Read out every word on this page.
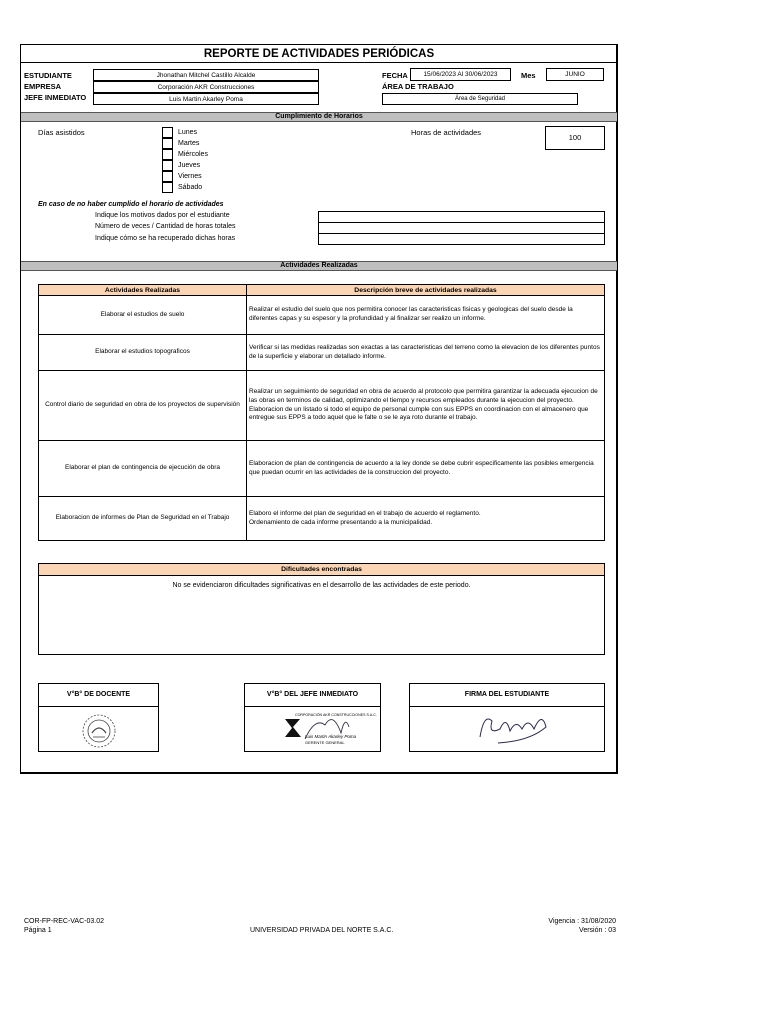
REPORTE DE ACTIVIDADES PERIÓDICAS
ESTUDIANTE	Jhonathan Mitchel Castillo Alcalde
EMPRESA	Corporación AKR Construcciones
JEFE INMEDIATO	Luis Martin Akarley Poma
FECHA	15/06/2023 Al 30/06/2023	Mes	JUNIO
ÁREA DE TRABAJO
Área de Seguridad
Cumplimiento de Horarios
Días asistidos	Lunes
Martes
Miércoles
Jueves
Viernes
Sábado
Horas de actividades
100
En caso de no haber cumplido el horario de actividades
Indique los motivos dados por el estudiante
Número de veces / Cantidad de horas totales
Indique cómo se ha recuperado dichas horas
Actividades Realizadas
Actividades Realizadas	Descripción breve de actividades realizadas
Elaborar el estudios de suelo	Realizar el estudio del suelo que nos permitira conocer las caracteristicas fisicas y geologicas del suelo desde la diferentes capas y su espesor y la profundidad y al finalizar ser realizo un informe.
Elaborar el estudios topograficos	Verificar si las medidas realizadas son exactas a las caracteristicas del terreno como la elevacion de los diferentes puntos de la superficie y elaborar un detallado informe.
Control diario de seguridad en obra de los proyectos de supervisión	Realizar un seguimiento de seguridad en obra de acuerdo al protocolo que permitira garantizar la adecuada ejecucion de las obras en terminos de calidad, optimizando el tiempo y recursos empleados durante la ejecucion del proyecto.
Elaboracion de un listado si todo el equipo de personal cumple con sus EPPS en coordinacion con el almacenero que entregue sus EPPS a todo aquel que le falte o se le aya roto durante el trabajo.
Elaborar el plan de contingencia de ejecución de obra	Elaboracion de plan de contingencia de acuerdo a la ley donde se debe cubrir especificamente las posibles emergencia que puedan ocurrir en las actividades de la construccion del proyecto.
Elaboracion de informes de Plan de Seguridad en el Trabajo	Elaboro el informe del plan de seguridad en el trabajo de acuerdo el reglamento.
Ordenamiento de cada informe presentando a la municipalidad.
Dificultades encontradas
No se evidenciaron dificultades significativas en el desarrollo de las actividades de este periodo.
V°B° DE DOCENTE	V°B° DEL JEFE INMEDIATO
CORPORACIÓN AKR CONSTRUCCIONES S.A.C.
Luis Martin Akarley Poma
GERENTE GENERAL
FIRMA DEL ESTUDIANTE
COR-FP-REC-VAC-03.02
Página 1	UNIVERSIDAD PRIVADA DEL NORTE S.A.C.
Vigencia : 31/08/2020
Versión : 03
